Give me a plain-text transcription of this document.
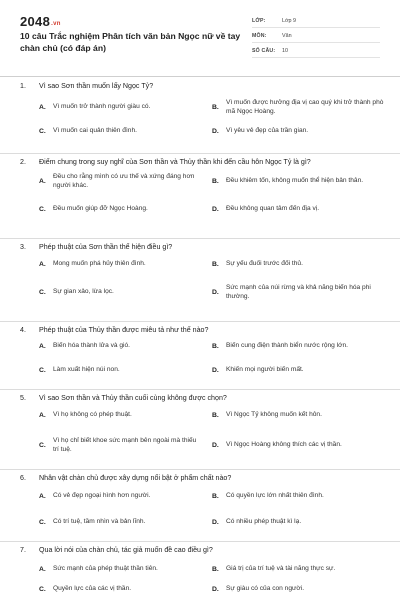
2048.vn
10 câu Trắc nghiệm Phân tích văn bản Ngọc nữ về tay chàn chủ (có đáp án)
LỚP:	Lớp 9
MÔN:	Văn
SỐ CÂU:	10
1. Vì sao Sơn thần muốn lấy Ngọc Tỷ?
A.	Vì muốn trở thành người giàu có.	B.
Vì muốn được hưởng địa vị cao quý khi trở thành phò mã Ngọc Hoàng.
C.	Vì muốn cai quản thiên đình.	D.	Vì yêu vẻ đẹp của trần gian.
2. Điểm chung trong suy nghĩ của Sơn thần và Thủy thần khi đến cầu hôn Ngọc Tỷ là gì?
A.
Đều cho rằng mình có ưu thế và xứng đáng hơn người khác.
B.	Đều khiêm tốn, không muốn thể hiện bản thân.
C.	Đều muốn giúp đỡ Ngọc Hoàng.	D.	Đều không quan tâm đến địa vị.
3. Phép thuật của Sơn thần thể hiện điều gì?
A.	Mong muốn phá hủy thiên đình.	B.	Sự yếu đuối trước đối thủ.
C.	Sự gian xảo, lừa lọc.	D.
Sức mạnh của núi rừng và khả năng biến hóa phi thường.
4. Phép thuật của Thủy thần được miêu tả như thế nào?
A.	Biến hóa thành lửa và gió.	B.	Biến cung điện thành biển nước rộng lớn.
C.	Làm xuất hiện núi non.	D.	Khiến mọi người biến mất.
5. Vì sao Sơn thần và Thủy thần cuối cùng không được chọn?
A.	Vì họ không có phép thuật.	B.	Vì Ngọc Tỷ không muốn kết hôn.
C.
Vì họ chỉ biết khoe sức mạnh bên ngoài mà thiếu trí tuệ.
D.	Vì Ngọc Hoàng không thích các vị thần.
6. Nhân vật chàn chủ được xây dựng nổi bật ở phẩm chất nào?
A.	Có vẻ đẹp ngoại hình hơn người.	B.	Có quyền lực lớn nhất thiên đình.
C.	Có trí tuệ, tầm nhìn và bản lĩnh.	D.	Có nhiều phép thuật kì lạ.
7. Qua lời nói của chàn chủ, tác giả muốn đề cao điều gì?
A.	Sức mạnh của phép thuật thần tiên.	B.	Giá trị của trí tuệ và tài năng thực sự.
C.	Quyền lực của các vị thần.	D.	Sự giàu có của con người.
